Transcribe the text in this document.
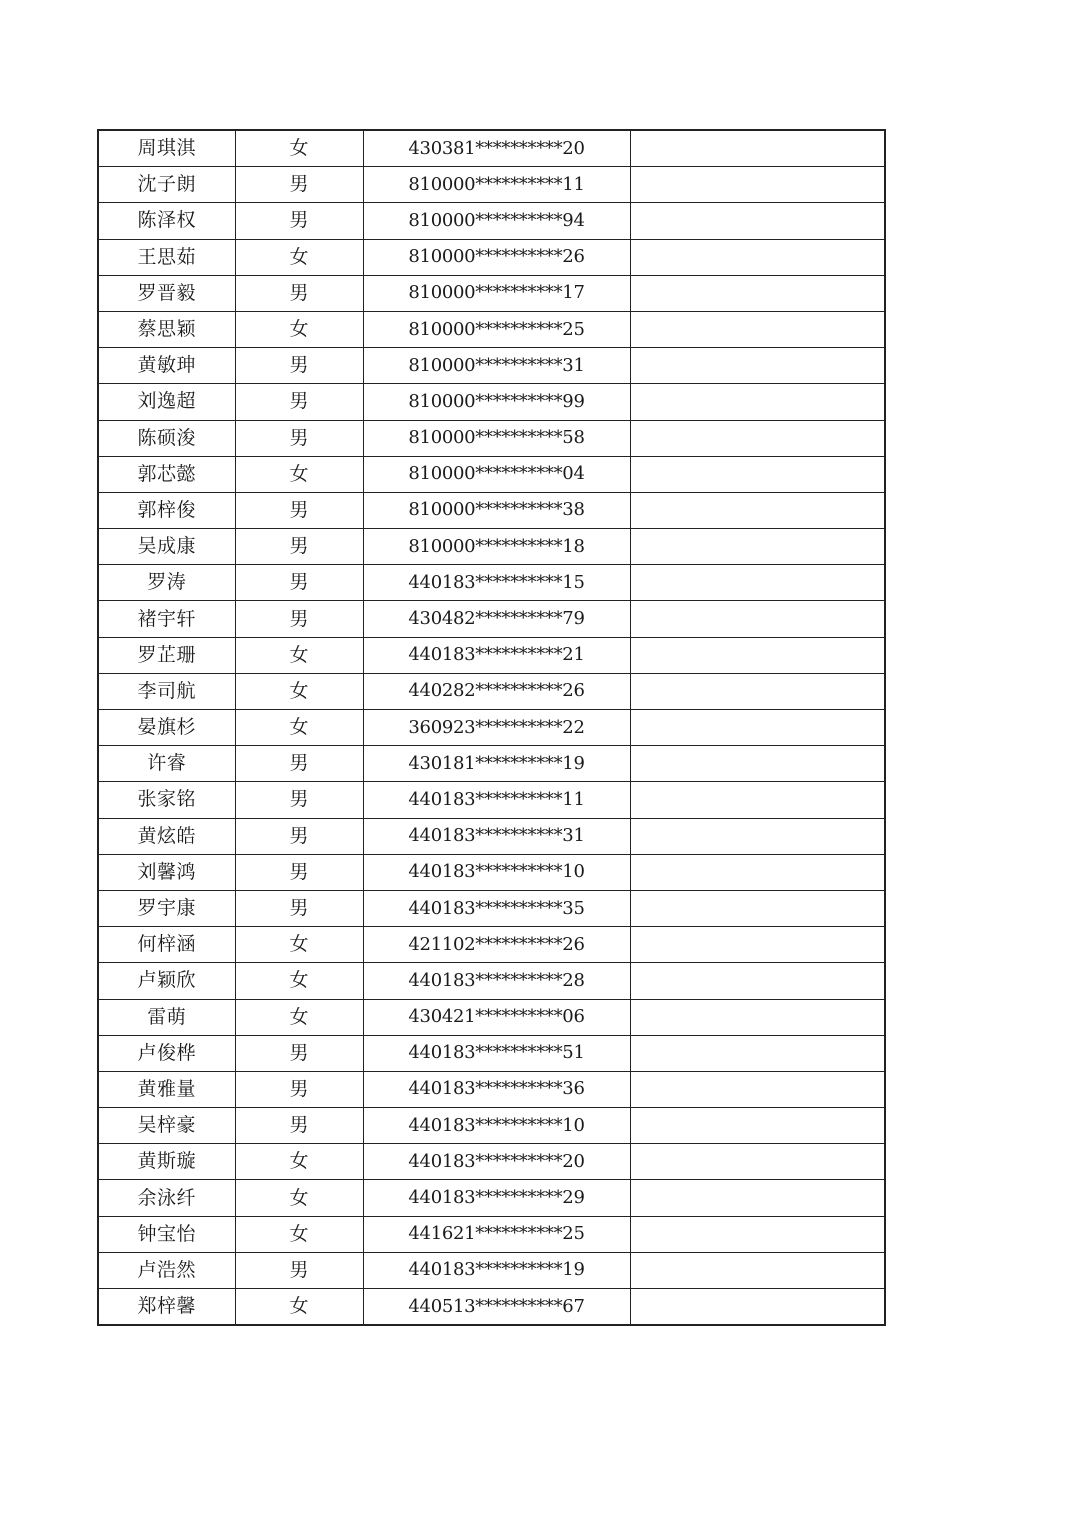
周琪淇	女	430381**********20	
沈子朗	男	810000**********11	
陈泽权	男	810000**********94	
王思茹	女	810000**********26	
罗晋毅	男	810000**********17	
蔡思颖	女	810000**********25	
黄敏珅	男	810000**********31	
刘逸超	男	810000**********99	
陈硕浚	男	810000**********58	
郭芯懿	女	810000**********04	
郭梓俊	男	810000**********38	
吴成康	男	810000**********18	
罗涛	男	440183**********15	
褚宇轩	男	430482**********79	
罗芷珊	女	440183**********21	
李司航	女	440282**********26	
晏旗杉	女	360923**********22	
许睿	男	430181**********19	
张家铭	男	440183**********11	
黄炫皓	男	440183**********31	
刘馨鸿	男	440183**********10	
罗宇康	男	440183**********35	
何梓涵	女	421102**********26	
卢颖欣	女	440183**********28	
雷萌	女	430421**********06	
卢俊桦	男	440183**********51	
黄雅量	男	440183**********36	
吴梓豪	男	440183**********10	
黄斯璇	女	440183**********20	
余泳纤	女	440183**********29	
钟宝怡	女	441621**********25	
卢浩然	男	440183**********19	
郑梓馨	女	440513**********67	
